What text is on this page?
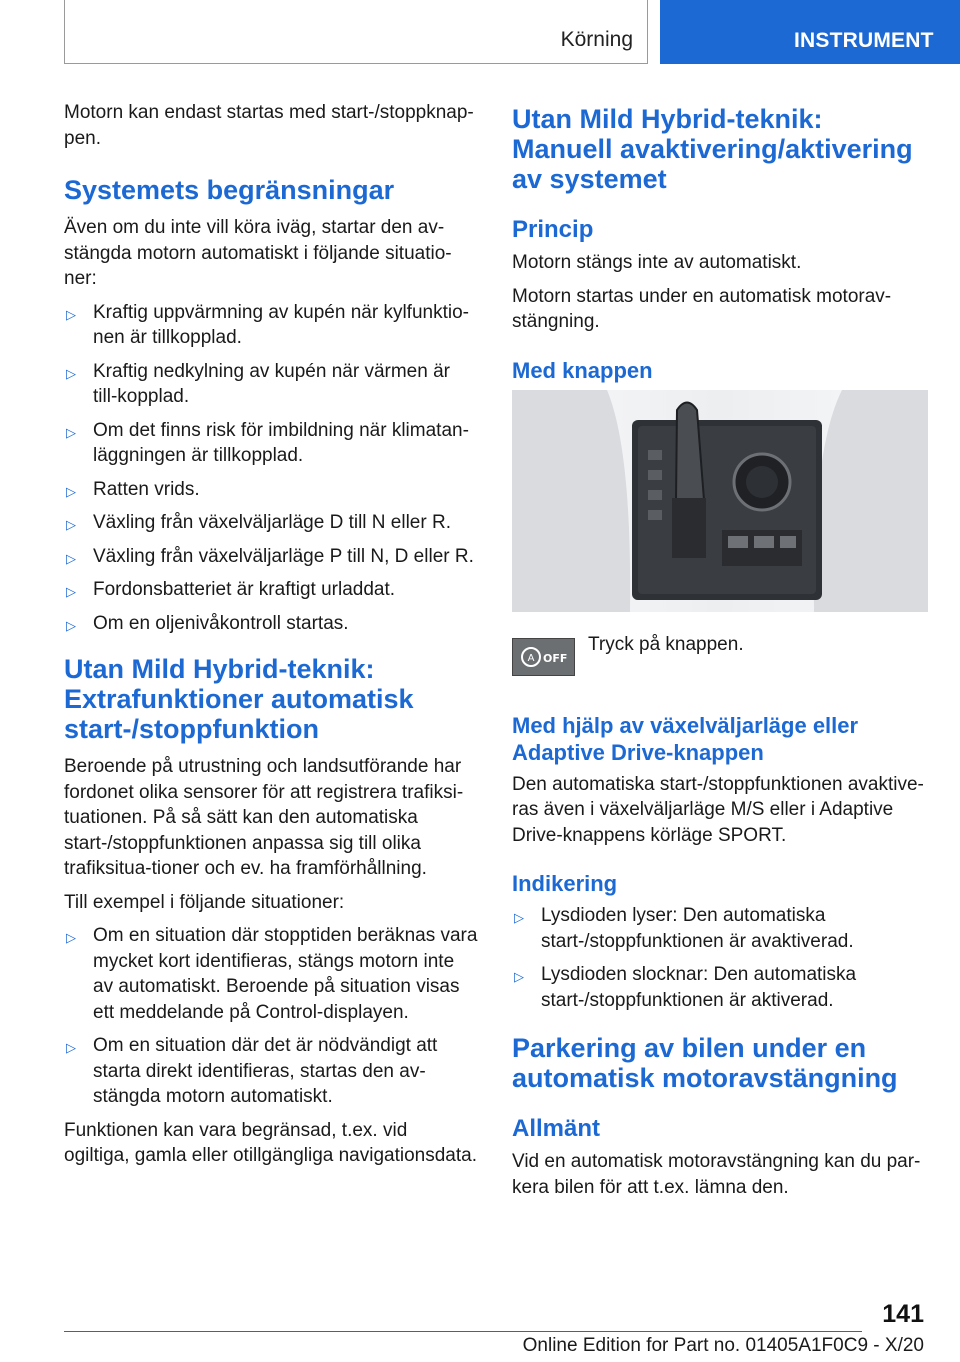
Körning	INSTRUMENT

Motorn kan endast startas med start-/stoppknap-pen.

Systemets begränsningar

Även om du inte vill köra iväg, startar den av-stängda motorn automatiskt i följande situatio-ner:

▷ Kraftig uppvärmning av kupén när kylfunktio-nen är tillkopplad.
▷ Kraftig nedkylning av kupén när värmen är till-kopplad.
▷ Om det finns risk för imbildning när klimatan-läggningen är tillkopplad.
▷ Ratten vrids.
▷ Växling från växelväljarläge D till N eller R.
▷ Växling från växelväljarläge P till N, D eller R.
▷ Fordonsbatteriet är kraftigt urladdat.
▷ Om en oljenivåkontroll startas.
Utan Mild Hybrid-teknik: Extrafunktioner automatisk start-/stoppfunktion

Beroende på utrustning och landsutförande har fordonet olika sensorer för att registrera trafiksi-tuationen. På så sätt kan den automatiska start-/stoppfunktionen anpassa sig till olika trafiksitua-tioner och ev. ha framförhållning.

Till exempel i följande situationer:

▷ Om en situation där stopptiden beräknas vara mycket kort identifieras, stängs motorn inte av automatiskt. Beroende på situation visas ett meddelande på Control-displayen.
▷ Om en situation där det är nödvändigt att starta direkt identifieras, startas den av-stängda motorn automatiskt.

Funktionen kan vara begränsad, t.ex. vid ogiltiga, gamla eller otillgängliga navigationsdata.

Utan Mild Hybrid-teknik: Manuell avaktivering/aktivering av systemet
Princip

Motorn stängs inte av automatiskt.

Motorn startas under en automatisk motorav-stängning.

Med knappen
A OFF
Tryck på knappen.
Med hjälp av växelväljarläge eller Adaptive Drive-knappen

Den automatiska start-/stoppfunktionen avaktive-ras även i växelväljarläge M/S eller i Adaptive Drive-knappens körläge SPORT.

Indikering
▷ Lysdioden lyser: Den automatiska start-/stoppfunktionen är avaktiverad.
▷ Lysdioden slocknar: Den automatiska start-/stoppfunktionen är aktiverad.
Parkering av bilen under en automatisk motoravstängning
Allmänt

Vid en automatisk motoravstängning kan du par-kera bilen för att t.ex. lämna den.

141
Online Edition for Part no. 01405A1F0C9 - X/20
